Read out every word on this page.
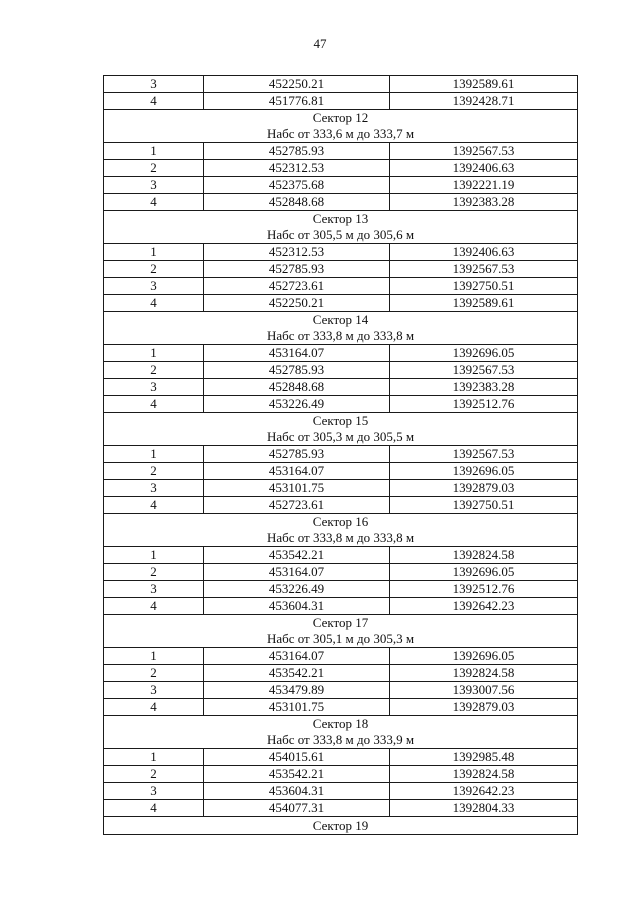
47
3	452250.21	1392589.61
4	451776.81	1392428.71
Сектор 12		
Набс от 333,6 м до 333,7 м		
1	452785.93	1392567.53
2	452312.53	1392406.63
3	452375.68	1392221.19
4	452848.68	1392383.28
Сектор 13		
Набс от 305,5 м до 305,6 м		
1	452312.53	1392406.63
2	452785.93	1392567.53
3	452723.61	1392750.51
4	452250.21	1392589.61
Сектор 14		
Набс от 333,8 м до 333,8 м		
1	453164.07	1392696.05
2	452785.93	1392567.53
3	452848.68	1392383.28
4	453226.49	1392512.76
Сектор 15		
Набс от 305,3 м до 305,5 м		
1	452785.93	1392567.53
2	453164.07	1392696.05
3	453101.75	1392879.03
4	452723.61	1392750.51
Сектор 16		
Набс от 333,8 м до 333,8 м		
1	453542.21	1392824.58
2	453164.07	1392696.05
3	453226.49	1392512.76
4	453604.31	1392642.23
Сектор 17		
Набс от 305,1 м до 305,3 м		
1	453164.07	1392696.05
2	453542.21	1392824.58
3	453479.89	1393007.56
4	453101.75	1392879.03
Сектор 18		
Набс от 333,8 м до 333,9 м		
1	454015.61	1392985.48
2	453542.21	1392824.58
3	453604.31	1392642.23
4	454077.31	1392804.33
Сектор 19		
